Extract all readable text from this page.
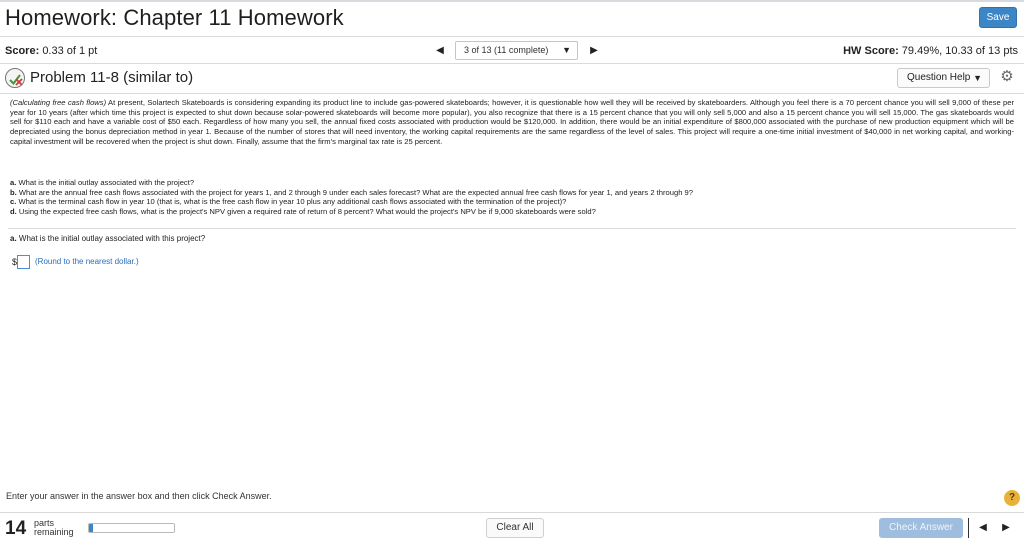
Homework: Chapter 11 Homework	Save
Score: 0.33 of 1 pt	◀	3 of 13 (11 complete) ▼	▶	HW Score: 79.49%, 10.33 of 13 pts
Problem 11-8 (similar to)	Question Help ▼ ⚙
(Calculating free cash flows) At present, Solartech Skateboards is considering expanding its product line to include gas-powered skateboards; however, it is questionable how well they will be received by skateboarders. Although you feel there is a 70 percent chance you will sell 9,000 of these per year for 10 years (after which time this project is expected to shut down because solar-powered skateboards will become more popular), you also recognize that there is a 15 percent chance that you will only sell 5,000 and also a 15 percent chance you will sell 15,000. The gas skateboards would sell for $110 each and have a variable cost of $50 each. Regardless of how many you sell, the annual fixed costs associated with production would be $120,000. In addition, there would be an initial expenditure of $800,000 associated with the purchase of new production equipment which will be depreciated using the bonus depreciation method in year 1. Because of the number of stores that will need inventory, the working capital requirements are the same regardless of the level of sales. This project will require a one-time initial investment of $40,000 in net working capital, and working-capital investment will be recovered when the project is shut down. Finally, assume that the firm's marginal tax rate is 25 percent.
a. What is the initial outlay associated with the project?
b. What are the annual free cash flows associated with the project for years 1, and 2 through 9 under each sales forecast? What are the expected annual free cash flows for year 1, and years 2 through 9?
c. What is the terminal cash flow in year 10 (that is, what is the free cash flow in year 10 plus any additional cash flows associated with the termination of the project)?
d. Using the expected free cash flows, what is the project's NPV given a required rate of return of 8 percent? What would the project's NPV be if 9,000 skateboards were sold?
a. What is the initial outlay associated with this project?
$ (Round to the nearest dollar.)
Enter your answer in the answer box and then click Check Answer.	?
14 parts
remaining	Clear All	Check Answer	◀	▶
